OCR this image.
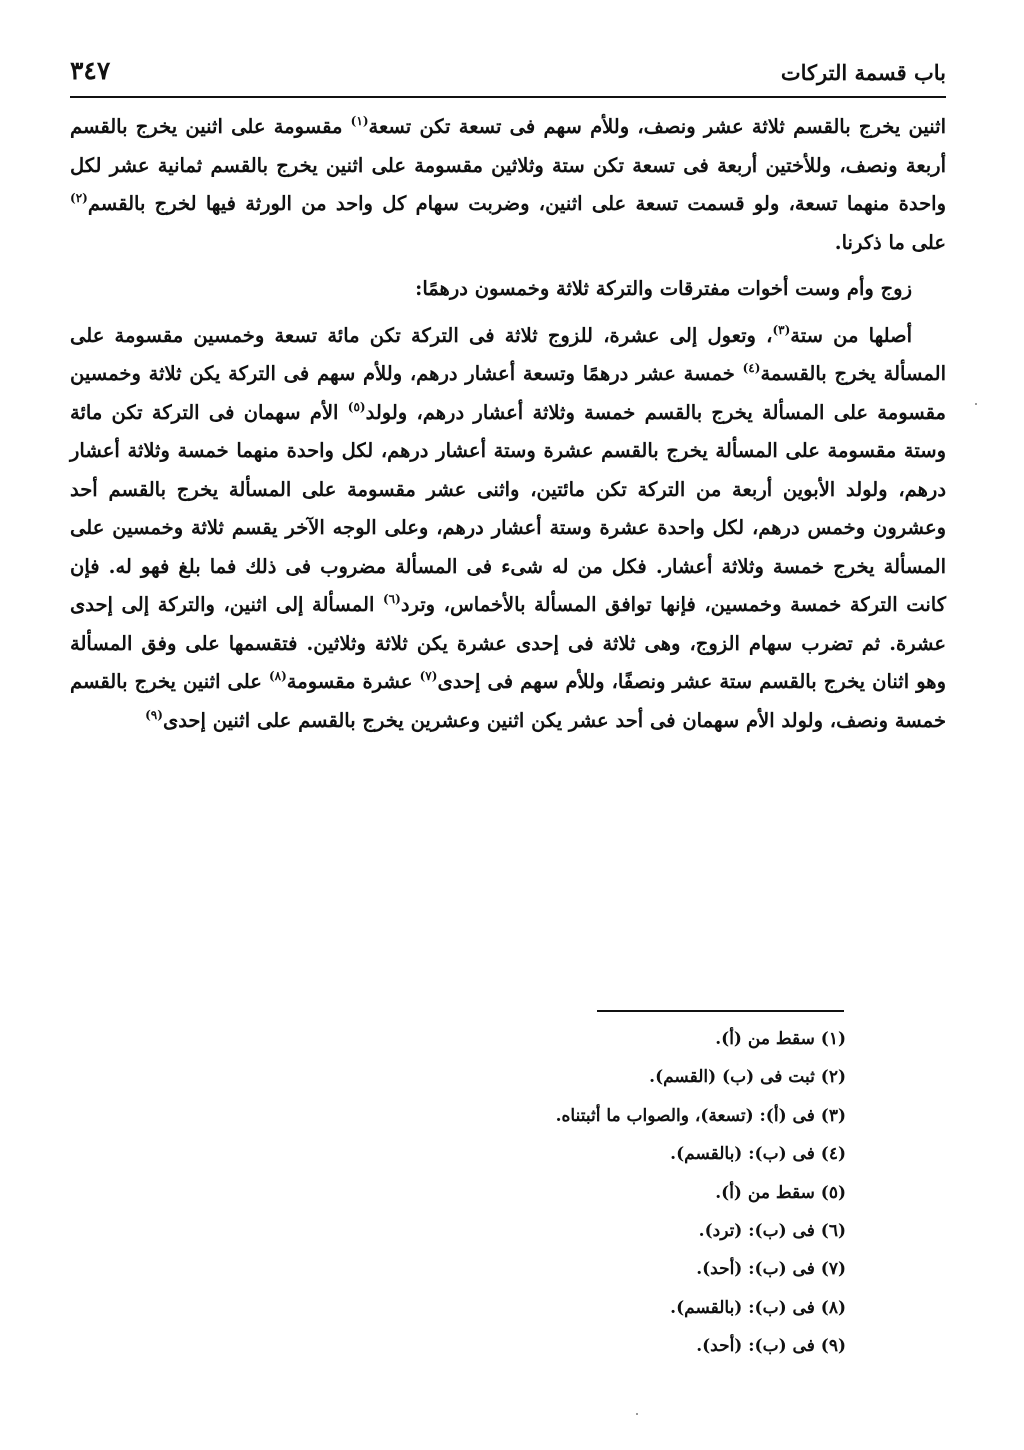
باب قسمة التركات
٣٤٧

اثنين يخرج بالقسم ثلاثة عشر ونصف، وللأم سهم فى تسعة تكن تسعة$^{(١)}$ مقسومة على اثنين يخرج بالقسم أربعة ونصف، وللأختين أربعة فى تسعة تكن ستة وثلاثين مقسومة على اثنين يخرج بالقسم ثمانية عشر لكل واحدة منهما تسعة، ولو قسمت تسعة على اثنين، وضربت سهام كل واحد من الورثة فيها لخرج بالقسم$^{(٢)}$ على ما ذكرنا.

زوج وأم وست أخوات مفترقات والتركة ثلاثة وخمسون درهمًا:

أصلها من ستة$^{(٣)}$، وتعول إلى عشرة، للزوج ثلاثة فى التركة تكن مائة تسعة وخمسين مقسومة على المسألة يخرج بالقسمة$^{(٤)}$ خمسة عشر درهمًا وتسعة أعشار درهم، وللأم سهم فى التركة يكن ثلاثة وخمسين مقسومة على المسألة يخرج بالقسم خمسة وثلاثة أعشار درهم، ولولد$^{(٥)}$ الأم سهمان فى التركة تكن مائة وستة مقسومة على المسألة يخرج بالقسم عشرة وستة أعشار درهم، لكل واحدة منهما خمسة وثلاثة أعشار درهم، ولولد الأبوين أربعة من التركة تكن مائتين، واثنى عشر مقسومة على المسألة يخرج بالقسم أحد وعشرون وخمس درهم، لكل واحدة عشرة وستة أعشار درهم، وعلى الوجه الآخر يقسم ثلاثة وخمسين على المسألة يخرج خمسة وثلاثة أعشار. فكل من له شىء فى المسألة مضروب فى ذلك فما بلغ فهو له. فإن كانت التركة خمسة وخمسين، فإنها توافق المسألة بالأخماس، وترد$^{(٦)}$ المسألة إلى اثنين، والتركة إلى إحدى عشرة. ثم تضرب سهام الزوج، وهى ثلاثة فى إحدى عشرة يكن ثلاثة وثلاثين. فتقسمها على وفق المسألة وهو اثنان يخرج بالقسم ستة عشر ونصفًا، وللأم سهم فى إحدى$^{(٧)}$ عشرة مقسومة$^{(٨)}$ على اثنين يخرج بالقسم خمسة ونصف، ولولد الأم سهمان فى أحد عشر يكن اثنين وعشرين يخرج بالقسم على اثنين إحدى$^{(٩)}$

(١) سقط من (أ).
(٢) ثبت فى (ب) (القسم).
(٣) فى (أ): (تسعة)، والصواب ما أثبتناه.
(٤) فى (ب): (بالقسم).
(٥) سقط من (أ).
(٦) فى (ب): (ترد).
(٧) فى (ب): (أحد).
(٨) فى (ب): (بالقسم).
(٩) فى (ب): (أحد).
